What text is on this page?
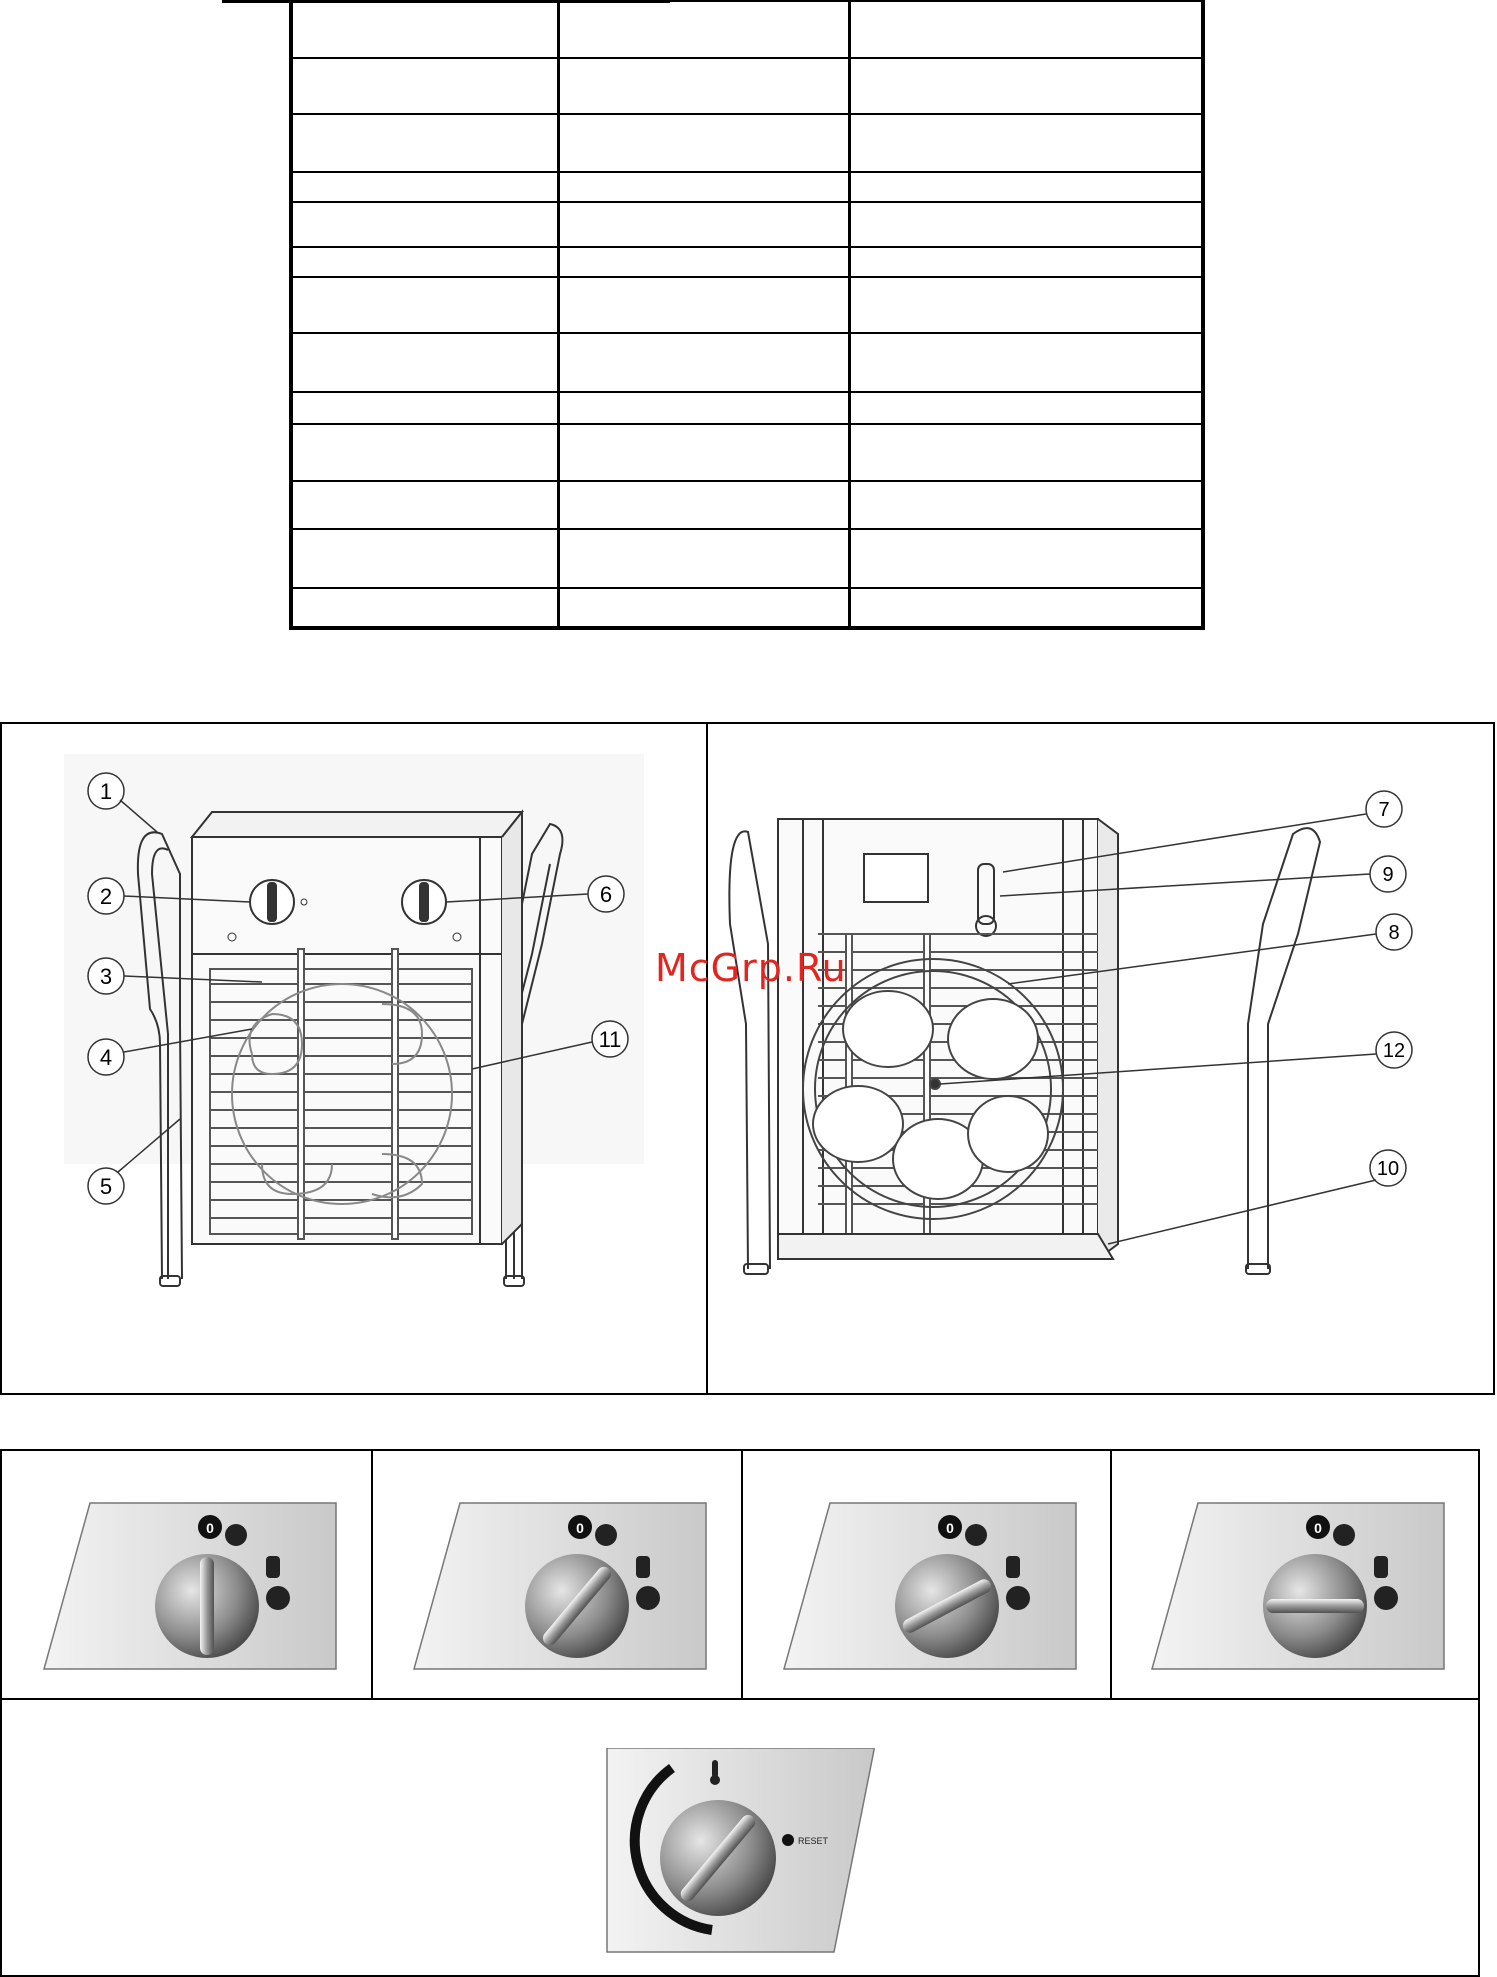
1
2
3
4
5
6
11
7
9
8
12
10
McGrp.Ru
0	0	0	0
RESET
